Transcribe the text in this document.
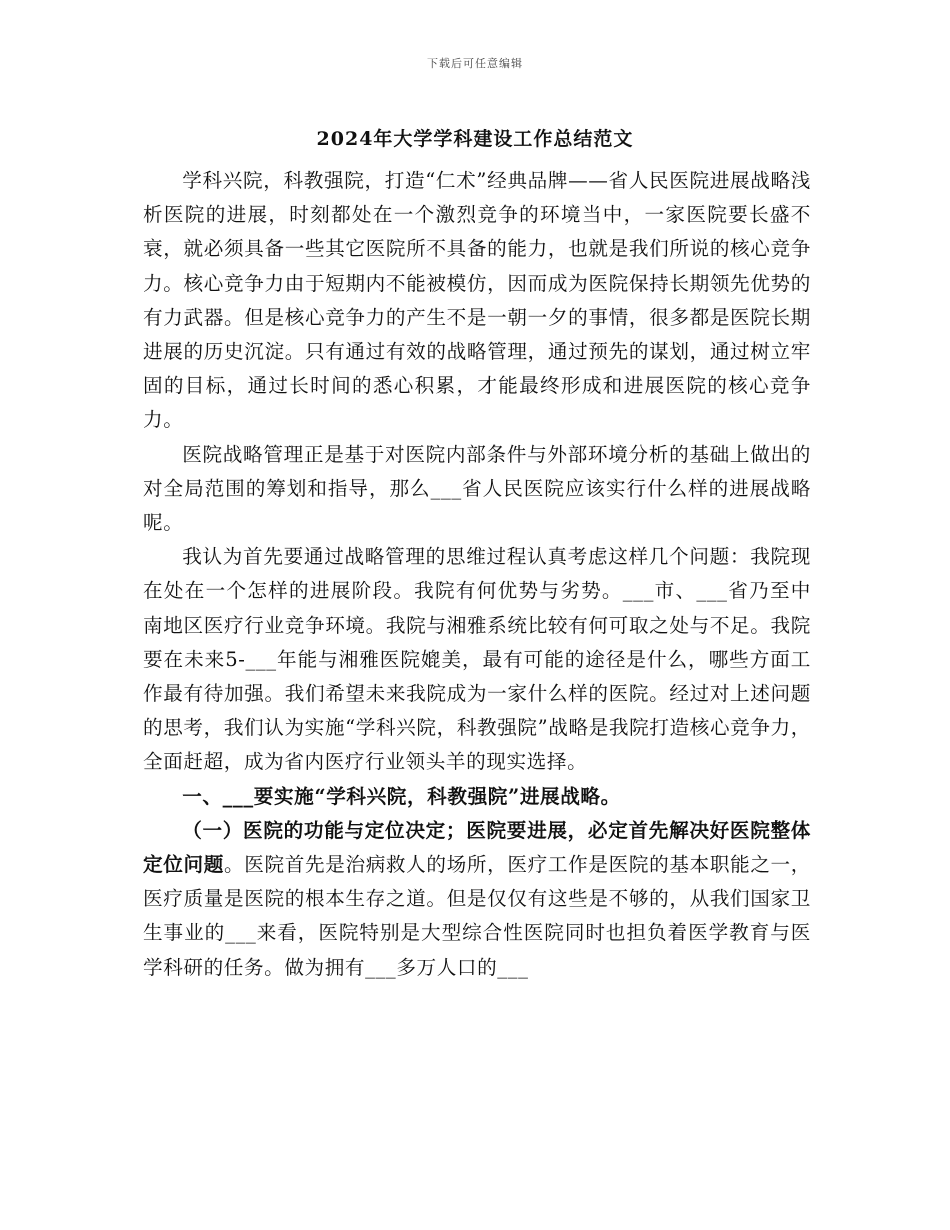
下载后可任意编辑
2024年大学学科建设工作总结范文

学科兴院，科教强院，打造“仁术”经典品牌——省人民医院进展战略浅析医院的进展，时刻都处在一个激烈竞争的环境当中，一家医院要长盛不衰，就必须具备一些其它医院所不具备的能力，也就是我们所说的核心竞争力。核心竞争力由于短期内不能被模仿，因而成为医院保持长期领先优势的有力武器。但是核心竞争力的产生不是一朝一夕的事情，很多都是医院长期进展的历史沉淀。只有通过有效的战略管理，通过预先的谋划，通过树立牢固的目标，通过长时间的悉心积累，才能最终形成和进展医院的核心竞争力。

医院战略管理正是基于对医院内部条件与外部环境分析的基础上做出的对全局范围的筹划和指导，那么___省人民医院应该实行什么样的进展战略呢。

我认为首先要通过战略管理的思维过程认真考虑这样几个问题：我院现在处在一个怎样的进展阶段。我院有何优势与劣势。___市、___省乃至中南地区医疗行业竞争环境。我院与湘雅系统比较有何可取之处与不足。我院要在未来5-___年能与湘雅医院媲美，最有可能的途径是什么，哪些方面工作最有待加强。我们希望未来我院成为一家什么样的医院。经过对上述问题的思考，我们认为实施“学科兴院，科教强院”战略是我院打造核心竞争力，全面赶超，成为省内医疗行业领头羊的现实选择。

一、___要实施“学科兴院，科教强院”进展战略。

（一）医院的功能与定位决定；医院要进展，必定首先解决好医院整体定位问题。医院首先是治病救人的场所，医疗工作是医院的基本职能之一，医疗质量是医院的根本生存之道。但是仅仅有这些是不够的，从我们国家卫生事业的___来看，医院特别是大型综合性医院同时也担负着医学教育与医学科研的任务。做为拥有___多万人口的___
